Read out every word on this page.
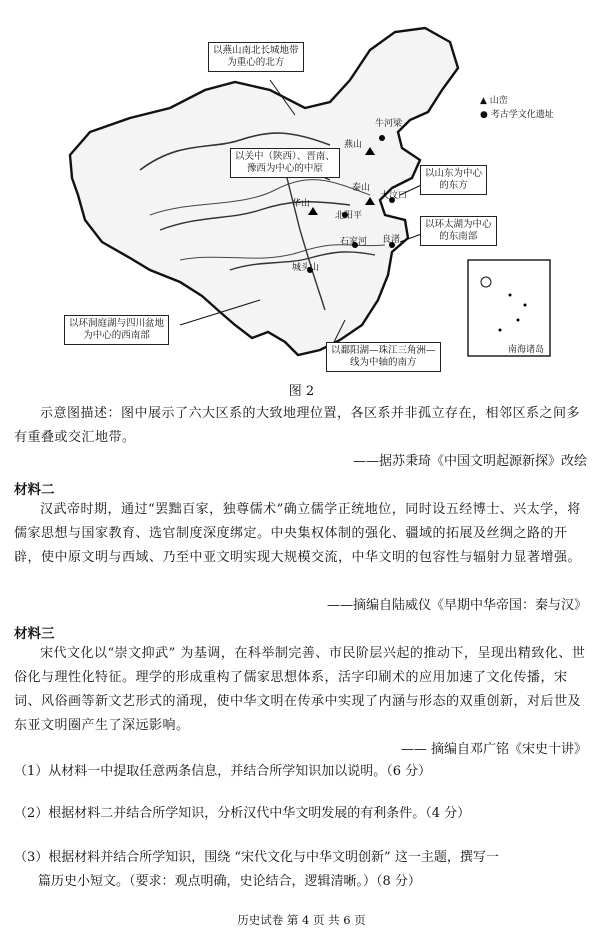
以燕山南北长城地带
为重心的北方
以关中（陕西）、晋南、
豫西为中心的中原	以山东为中心
的东方
以环太湖为中心
的东南部
以环洞庭湖与四川盆地
为中心的西南部
以鄱阳湖—珠江三角洲—
线为中轴的南方
▲ 山峦
● 考古学文化遗址
牛河梁
燕山
泰山
大汶口
华山
北阳平
石家河 良渚
城头山
南海诸岛
图 2

示意图描述：图中展示了六大区系的大致地理位置，各区系并非孤立存在，相邻区系之间多有重叠或交汇地带。

——据苏秉琦《中国文明起源新探》改绘
材料二

汉武帝时期，通过“罢黜百家，独尊儒术”确立儒学正统地位，同时设五经博士、兴太学，将儒家思想与国家教育、选官制度深度绑定。中央集权体制的强化、疆域的拓展及丝绸之路的开辟，使中原文明与西域、乃至中亚文明实现大规模交流，中华文明的包容性与辐射力显著增强。

——摘编自陆威仪《早期中华帝国：秦与汉》
材料三

宋代文化以“崇文抑武” 为基调，在科举制完善、市民阶层兴起的推动下，呈现出精致化、世俗化与理性化特征。理学的形成重构了儒家思想体系，活字印刷术的应用加速了文化传播，宋词、风俗画等新文艺形式的涌现，使中华文明在传承中实现了内涵与形态的双重创新，对后世及东亚文明圈产生了深远影响。

—— 摘编自邓广铭《宋史十讲》

（1）从材料一中提取任意两条信息，并结合所学知识加以说明。（6 分）

（2）根据材料二并结合所学知识，分析汉代中华文明发展的有利条件。（4 分）

（3）根据材料并结合所学知识，围绕 “宋代文化与中华文明创新” 这一主题，撰写一

篇历史小短文。（要求：观点明确，史论结合，逻辑清晰。）（8 分）

历史试卷 第 4 页 共 6 页
